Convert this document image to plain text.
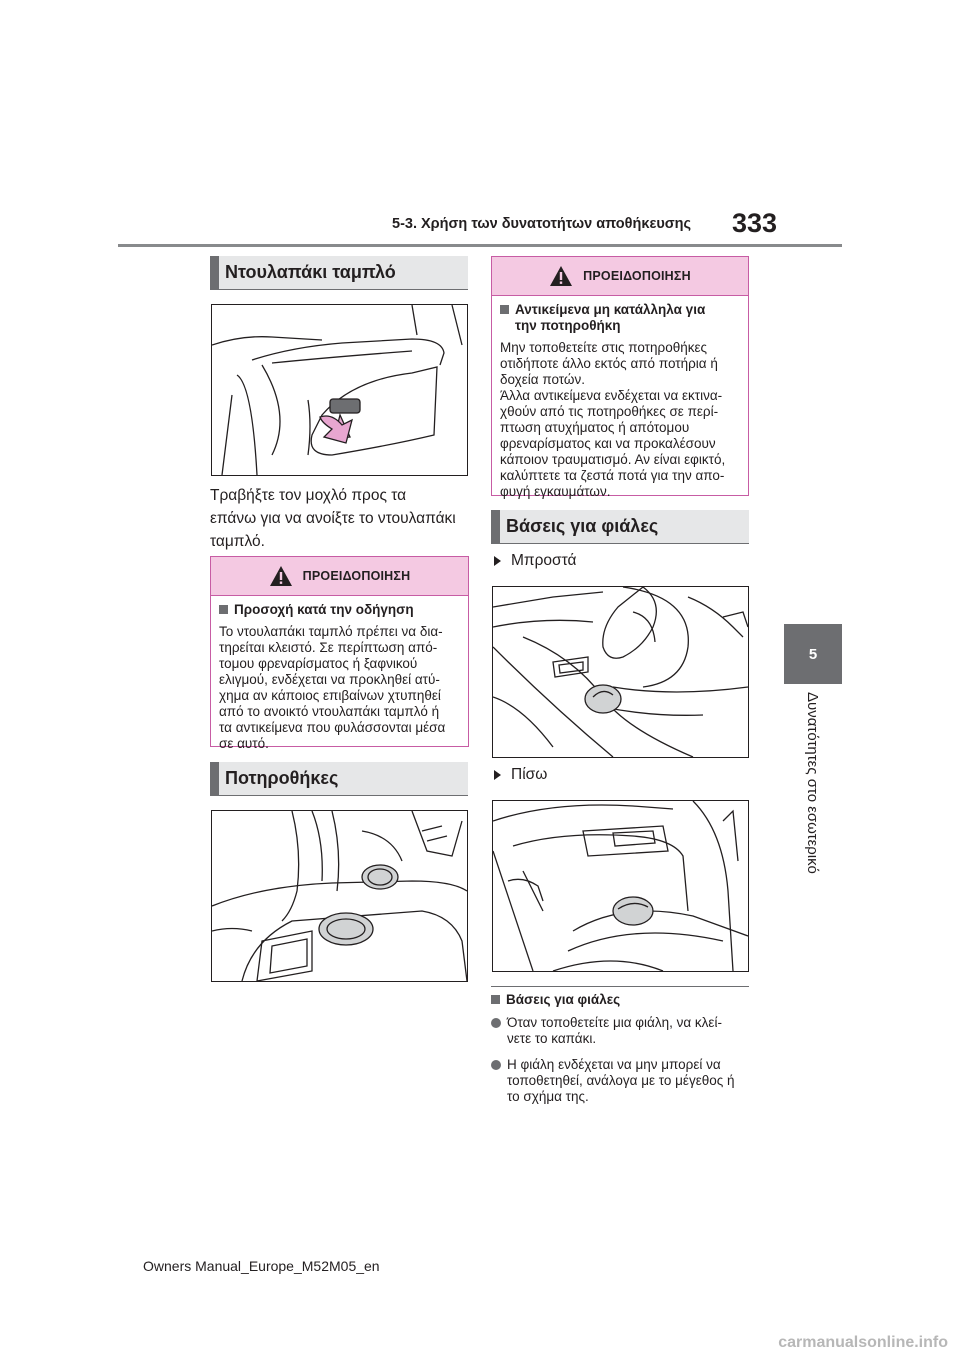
5-3. Χρήση των δυνατοτήτων αποθήκευσης 333
5
Δυνατότητες στο εσωτερικό
Ντουλαπάκι ταμπλό
Τραβήξτε τον μοχλό προς τα
επάνω για να ανοίξτε το ντουλαπάκι
ταμπλό.
ΠΡΟΕΙΔΟΠΟΙΗΣΗ
Προσοχή κατά την οδήγηση
Το ντουλαπάκι ταμπλό πρέπει να δια-
τηρείται κλειστό. Σε περίπτωση από-
τομου φρεναρίσματος ή ξαφνικού
ελιγμού, ενδέχεται να προκληθεί ατύ-
χημα αν κάποιος επιβαίνων χτυπηθεί
από το ανοικτό ντουλαπάκι ταμπλό ή
τα αντικείμενα που φυλάσσονται μέσα
σε αυτό.
Ποτηροθήκες
ΠΡΟΕΙΔΟΠΟΙΗΣΗ
Αντικείμενα μη κατάλληλα για
την ποτηροθήκη
Μην τοποθετείτε στις ποτηροθήκες
οτιδήποτε άλλο εκτός από ποτήρια ή
δοχεία ποτών.
Άλλα αντικείμενα ενδέχεται να εκτινα-
χθούν από τις ποτηροθήκες σε περί-
πτωση ατυχήματος ή απότομου
φρεναρίσματος και να προκαλέσουν
κάποιον τραυματισμό. Αν είναι εφικτό,
καλύπτετε τα ζεστά ποτά για την απο-
φυγή εγκαυμάτων.
Βάσεις για φιάλες
Μπροστά
Πίσω
Βάσεις για φιάλες
Όταν τοποθετείτε μια φιάλη, να κλεί-
νετε το καπάκι.
Η φιάλη ενδέχεται να μην μπορεί να
τοποθετηθεί, ανάλογα με το μέγεθος ή
το σχήμα της.
Owners Manual_Europe_M52M05_en
carmanualsonline.info
